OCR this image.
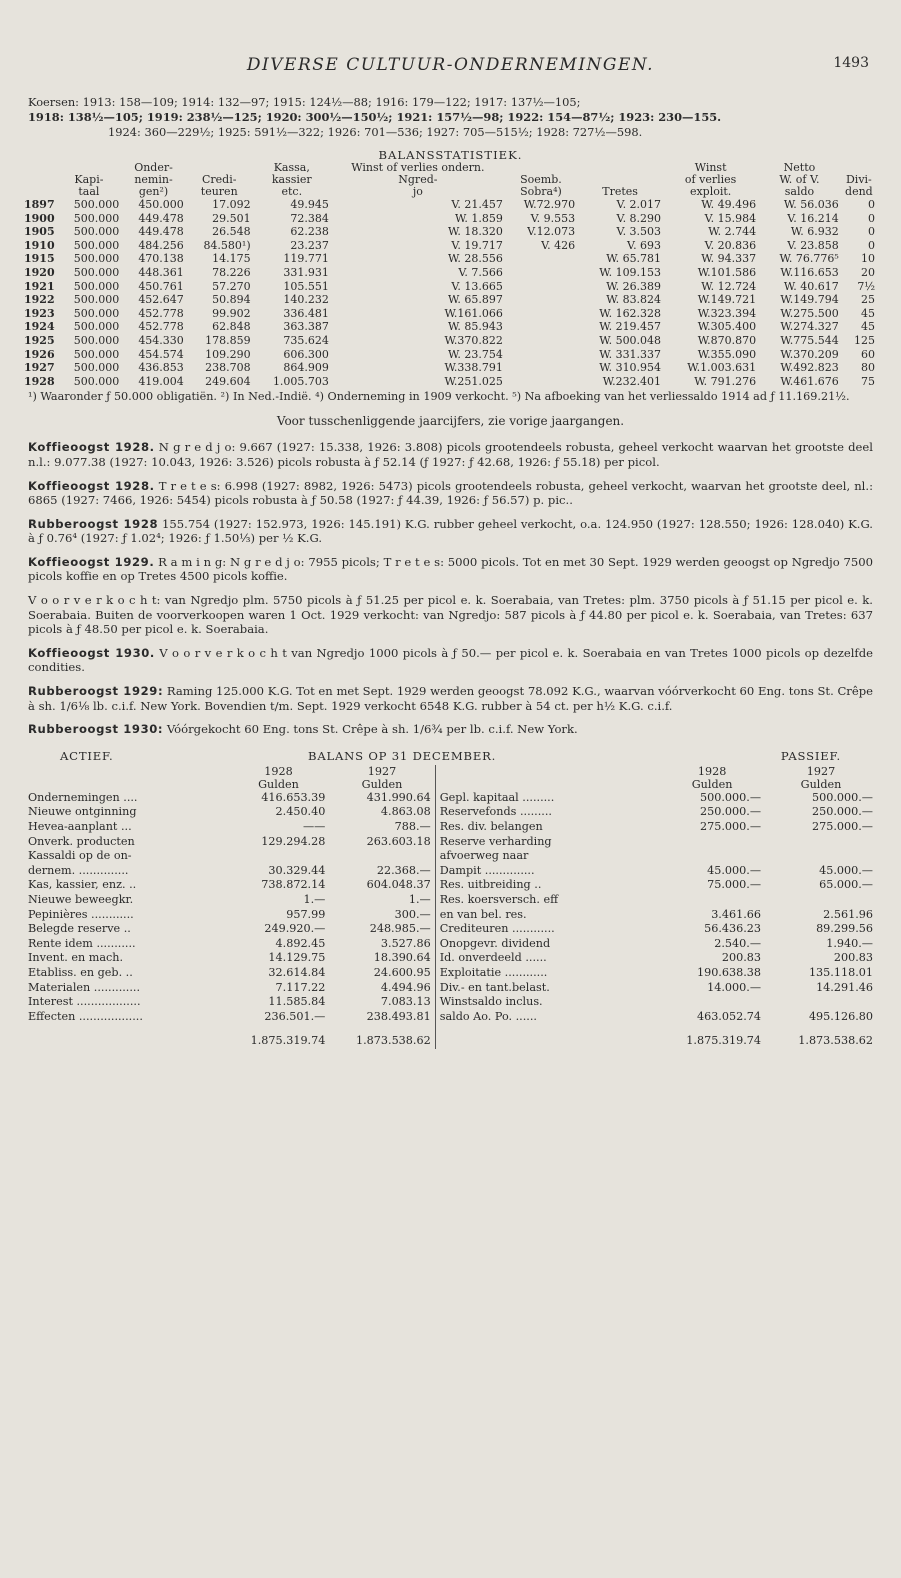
DIVERSE CULTUUR-ONDERNEMINGEN.	1493
Koersen: 1913: 158—109; 1914: 132—97; 1915: 124½—88; 1916: 179—122; 1917: 137½—105;
1918: 138½—105; 1919: 238½—125; 1920: 300½—150½; 1921: 157½—98; 1922: 154—87½; 1923: 230—155.
1924: 360—229½; 1925: 591½—322; 1926: 701—536; 1927: 705—515½; 1928: 727½—598.
BALANSSTATISTIEK.
	Kapi-
taal	Onder-
nemin-
gen²)	Credi-
teuren	Kassa,
kassier
etc.	Winst of verlies ondern.
Ngred-
jo	Soemb.
Sobra⁴)	Tretes	Winst
of verlies
exploit.	Netto
W. of V.
saldo	Divi-
dend
1897	500.000	450.000	17.092	49.945	V. 21.457	W.72.970	V. 2.017	W. 49.496	W. 56.036	0
1900	500.000	449.478	29.501	72.384	W. 1.859	V. 9.553	V. 8.290	V. 15.984	V. 16.214	0
1905	500.000	449.478	26.548	62.238	W. 18.320	V.12.073	V. 3.503	W. 2.744	W. 6.932	0
1910	500.000	484.256	84.580¹)	23.237	V. 19.717	V. 426	V. 693	V. 20.836	V. 23.858	0
1915	500.000	470.138	14.175	119.771	W. 28.556		W. 65.781	W. 94.337	W. 76.776⁵	10
1920	500.000	448.361	78.226	331.931	V. 7.566		W. 109.153	W.101.586	W.116.653	20
1921	500.000	450.761	57.270	105.551	V. 13.665		W. 26.389	W. 12.724	W. 40.617	7½
1922	500.000	452.647	50.894	140.232	W. 65.897		W. 83.824	W.149.721	W.149.794	25
1923	500.000	452.778	99.902	336.481	W.161.066		W. 162.328	W.323.394	W.275.500	45
1924	500.000	452.778	62.848	363.387	W. 85.943		W. 219.457	W.305.400	W.274.327	45
1925	500.000	454.330	178.859	735.624	W.370.822		W. 500.048	W.870.870	W.775.544	125
1926	500.000	454.574	109.290	606.300	W. 23.754		W. 331.337	W.355.090	W.370.209	60
1927	500.000	436.853	238.708	864.909	W.338.791		W. 310.954	W.1.003.631	W.492.823	80
1928	500.000	419.004	249.604	1.005.703	W.251.025		W.232.401	W. 791.276	W.461.676	75
¹) Waaronder ƒ 50.000 obligatiën. ²) In Ned.-Indië. ⁴) Onderneming in 1909 verkocht. ⁵) Na afboeking van het verliessaldo 1914 ad ƒ 11.169.21½.
Voor tusschenliggende jaarcijfers, zie vorige jaargangen.
Koffieoogst 1928. N g r e d j o: 9.667 (1927: 15.338, 1926: 3.808) picols grootendeels robusta, geheel verkocht waarvan het grootste deel n.l.: 9.077.38 (1927: 10.043, 1926: 3.526) picols robusta à ƒ 52.14 (ƒ 1927: ƒ 42.68, 1926: ƒ 55.18) per picol.
Koffieoogst 1928. T r e t e s: 6.998 (1927: 8982, 1926: 5473) picols grootendeels robusta, geheel verkocht, waarvan het grootste deel, nl.: 6865 (1927: 7466, 1926: 5454) picols robusta à ƒ 50.58 (1927: ƒ 44.39, 1926: ƒ 56.57) p. pic..
Rubberoogst 1928 155.754 (1927: 152.973, 1926: 145.191) K.G. rubber geheel verkocht, o.a. 124.950 (1927: 128.550; 1926: 128.040) K.G. à ƒ 0.76⁴ (1927: ƒ 1.02⁴; 1926: ƒ 1.50⅓) per ½ K.G.
Koffieoogst 1929. R a m i n g: N g r e d j o: 7955 picols; T r e t e s: 5000 picols. Tot en met 30 Sept. 1929 werden geoogst op Ngredjo 7500 picols koffie en op Tretes 4500 picols koffie.
V o o r v e r k o c h t: van Ngredjo plm. 5750 picols à ƒ 51.25 per picol e. k. Soerabaia, van Tretes: plm. 3750 picols à ƒ 51.15 per picol e. k. Soerabaia. Buiten de voorverkoopen waren 1 Oct. 1929 verkocht: van Ngredjo: 587 picols à ƒ 44.80 per picol e. k. Soerabaia, van Tretes: 637 picols à ƒ 48.50 per picol e. k. Soerabaia.
Koffieoogst 1930. V o o r v e r k o c h t van Ngredjo 1000 picols à ƒ 50.— per picol e. k. Soerabaia en van Tretes 1000 picols op dezelfde condities.
Rubberoogst 1929: Raming 125.000 K.G. Tot en met Sept. 1929 werden geoogst 78.092 K.G., waarvan vóórverkocht 60 Eng. tons St. Crêpe à sh. 1/6⅛ lb. c.i.f. New York. Bovendien t/m. Sept. 1929 verkocht 6548 K.G. rubber à 54 ct. per h½ K.G. c.i.f.
Rubberoogst 1930: Vóórgekocht 60 Eng. tons St. Crêpe à sh. 1/6¾ per lb. c.i.f. New York.
ACTIEF.	BALANS OP 31 DECEMBER.	PASSIEF.
	1928	1927		1928	1927
	Gulden	Gulden		Gulden	Gulden
Ondernemingen ....	416.653.39	431.990.64	Gepl. kapitaal .........	500.000.—	500.000.—
Nieuwe ontginning	2.450.40	4.863.08	Reservefonds .........	250.000.—	250.000.—
Hevea-aanplant ...	——	788.—	Res. div. belangen	275.000.—	275.000.—
Onverk. producten	129.294.28	263.603.18	Reserve verharding		
Kassaldi op de on-			afvoerweg naar		
dernem. ..............	30.329.44	22.368.—	Dampit ..............	45.000.—	45.000.—
Kas, kassier, enz. ..	738.872.14	604.048.37	Res. uitbreiding ..	75.000.—	65.000.—
Nieuwe beweegkr.	1.—	1.—	Res. koersversch. eff		
Pepinières ............	957.99	300.—	en van bel. res.	3.461.66	2.561.96
Belegde reserve ..	249.920.—	248.985.—	Crediteuren ............	56.436.23	89.299.56
Rente idem ...........	4.892.45	3.527.86	Onopgevr. dividend	2.540.—	1.940.—
Invent. en mach.	14.129.75	18.390.64	Id. onverdeeld ......	200.83	200.83
Etabliss. en geb. ..	32.614.84	24.600.95	Exploitatie ............	190.638.38	135.118.01
Materialen .............	7.117.22	4.494.96	Div.- en tant.belast.	14.000.—	14.291.46
Interest ..................	11.585.84	7.083.13	Winstsaldo inclus.		
Effecten ..................	236.501.—	238.493.81	saldo Ao. Po. ......	463.052.74	495.126.80
	1.875.319.74	1.873.538.62		1.875.319.74	1.873.538.62
